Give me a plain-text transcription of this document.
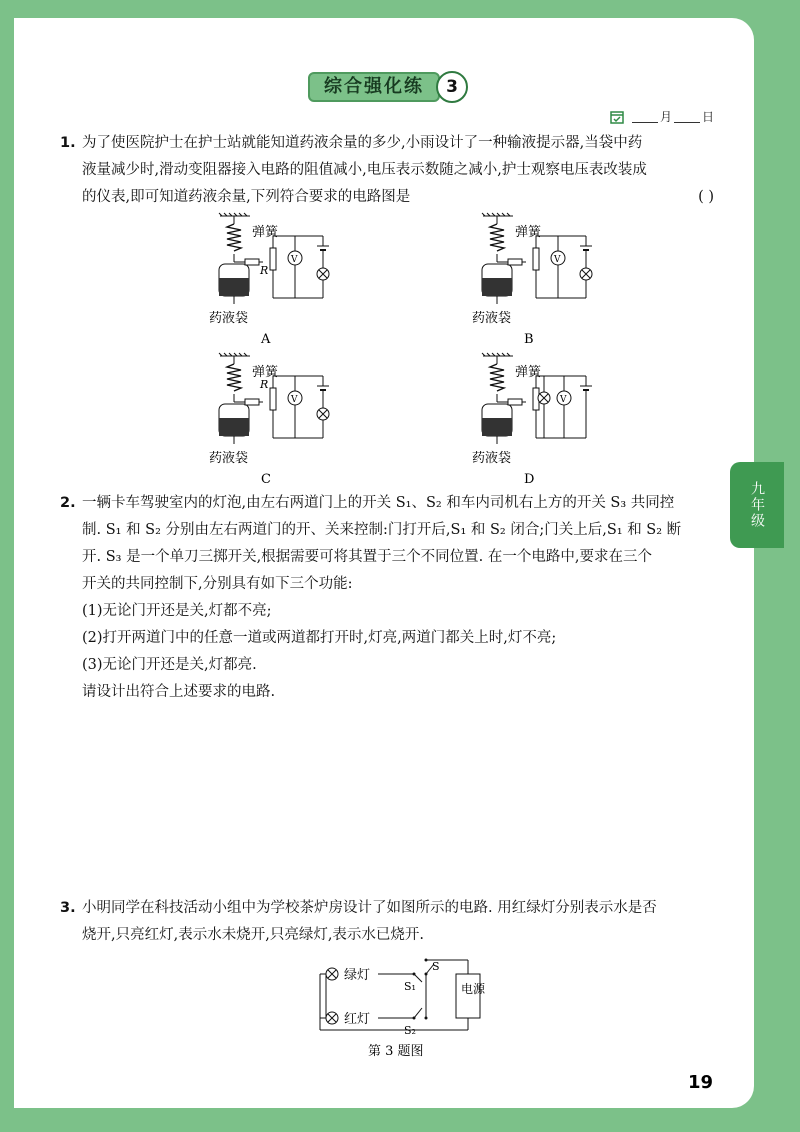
综合强化练	3
月	日
1. 为了使医院护士在护士站就能知道药液余量的多少,小雨设计了一种输液提示器,当袋中药
液量减少时,滑动变阻器接入电路的阻值减小,电压表示数随之减小,护士观察电压表改装成
的仪表,即可知道药液余量,下列符合要求的电路图是	( )
R
V
弹簧
药液袋
A
V
弹簧
药液袋
B
R
V
弹簧
药液袋
C
V
弹簧
药液袋
D
2. 一辆卡车驾驶室内的灯泡,由左右两道门上的开关 S₁、S₂ 和车内司机右上方的开关 S₃ 共同控
制. S₁ 和 S₂ 分别由左右两道门的开、关来控制:门打开后,S₁ 和 S₂ 闭合;门关上后,S₁ 和 S₂ 断
开. S₃ 是一个单刀三掷开关,根据需要可将其置于三个不同位置. 在一个电路中,要求在三个
开关的共同控制下,分别具有如下三个功能:
(1)无论门开还是关,灯都不亮;
(2)打开两道门中的任意一道或两道都打开时,灯亮,两道门都关上时,灯不亮;
(3)无论门开还是关,灯都亮.
请设计出符合上述要求的电路.
3. 小明同学在科技活动小组中为学校茶炉房设计了如图所示的电路. 用红绿灯分别表示水是否
烧开,只亮红灯,表示水未烧开,只亮绿灯,表示水已烧开.
绿灯
红灯
S₁
S₂
S
电源
第 3 题图
九年级
19
